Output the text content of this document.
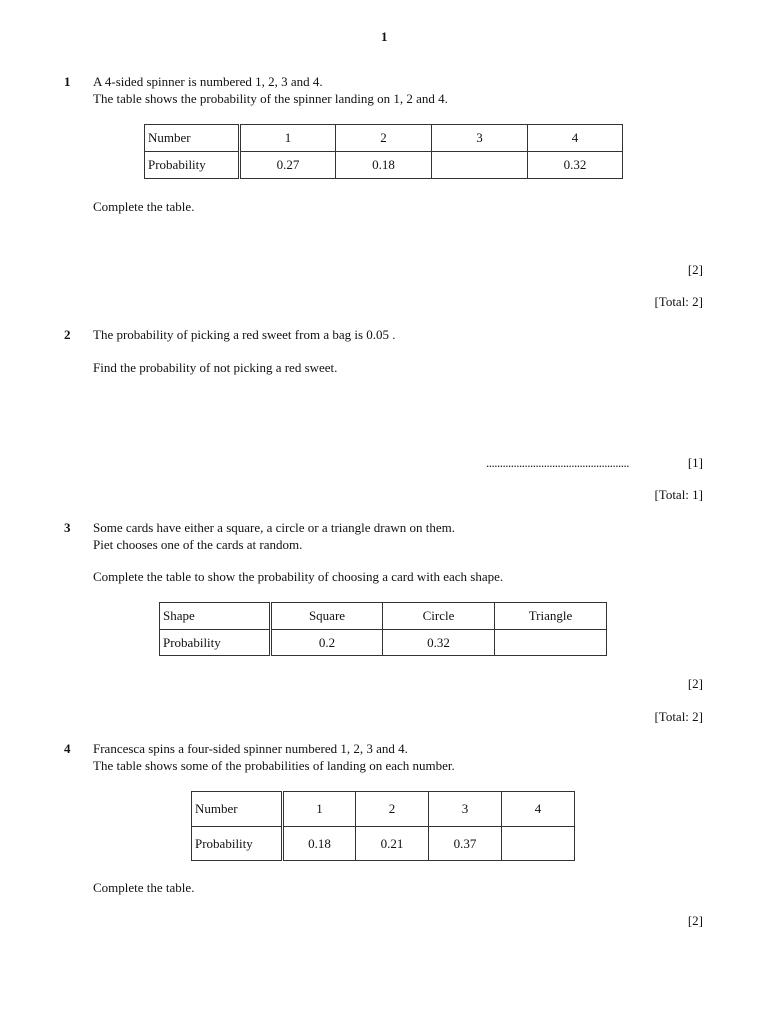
1
1 A 4-sided spinner is numbered 1, 2, 3 and 4.
The table shows the probability of the spinner landing on 1, 2 and 4.
Number	1	2	3	4
Probability	0.27	0.18		0.32
Complete the table.
[2]
[Total: 2]
2 The probability of picking a red sweet from a bag is 0.05 .
Find the probability of not picking a red sweet.
....................................................	[1]
[Total: 1]
3 Some cards have either a square, a circle or a triangle drawn on them.
Piet chooses one of the cards at random.
Complete the table to show the probability of choosing a card with each shape.
Shape	Square	Circle	Triangle
Probability	0.2	0.32	
[2]
[Total: 2]
4 Francesca spins a four-sided spinner numbered 1, 2, 3 and 4.
The table shows some of the probabilities of landing on each number.
Number	1	2	3	4
Probability	0.18	0.21	0.37	
Complete the table.
[2]
